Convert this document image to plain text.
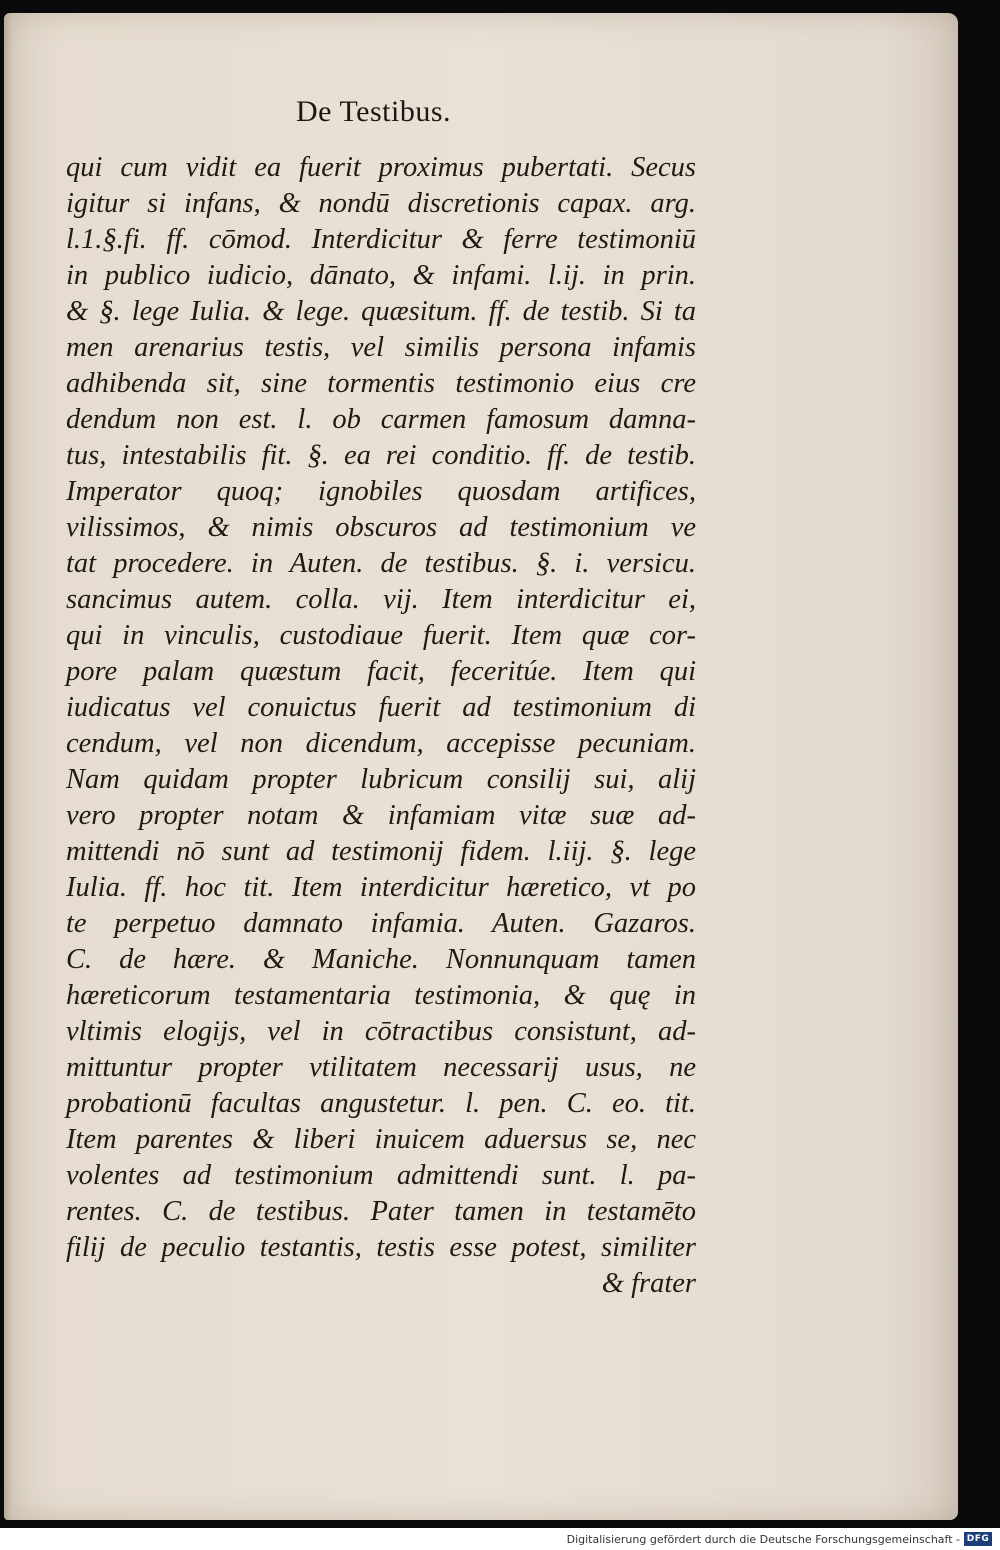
De Testibus.
qui cum vidit ea fuerit proximus pubertati. Secus
igitur si infans, & nondū discretionis capax. arg.
l.1.§.fi. ff. cōmod. Interdicitur & ferre testimoniū
in publico iudicio, dānato, & infami. l.ij. in prin.
& §. lege Iulia. & lege. quæsitum. ff. de testib. Si ta
men arenarius testis, vel similis persona infamis
adhibenda sit, sine tormentis testimonio eius cre
dendum non est. l. ob carmen famosum damna-
tus, intestabilis fit. §. ea rei conditio. ff. de testib.
Imperator quoq; ignobiles quosdam artifices,
vilissimos, & nimis obscuros ad testimonium ve
tat procedere. in Auten. de testibus. §. i. versicu.
sancimus autem. colla. vij. Item interdicitur ei,
qui in vinculis, custodiaue fuerit. Item quæ cor-
pore palam quæstum facit, feceritúe. Item qui
iudicatus vel conuictus fuerit ad testimonium di
cendum, vel non dicendum, accepisse pecuniam.
Nam quidam propter lubricum consilij sui, alij
vero propter notam & infamiam vitæ suæ ad-
mittendi nō sunt ad testimonij fidem. l.iij. §. lege
Iulia. ff. hoc tit. Item interdicitur hæretico, vt po
te perpetuo damnato infamia. Auten. Gazaros.
C. de hære. & Maniche. Nonnunquam tamen
hæreticorum testamentaria testimonia, & quę in
vltimis elogijs, vel in cōtractibus consistunt, ad-
mittuntur propter vtilitatem necessarij usus, ne
probationū facultas angustetur. l. pen. C. eo. tit.
Item parentes & liberi inuicem aduersus se, nec
volentes ad testimonium admittendi sunt. l. pa-
rentes. C. de testibus. Pater tamen in testamēto
filij de peculio testantis, testis esse potest, similiter
& frater
Digitalisierung gefördert durch die Deutsche Forschungsgemeinschaft - DFG
